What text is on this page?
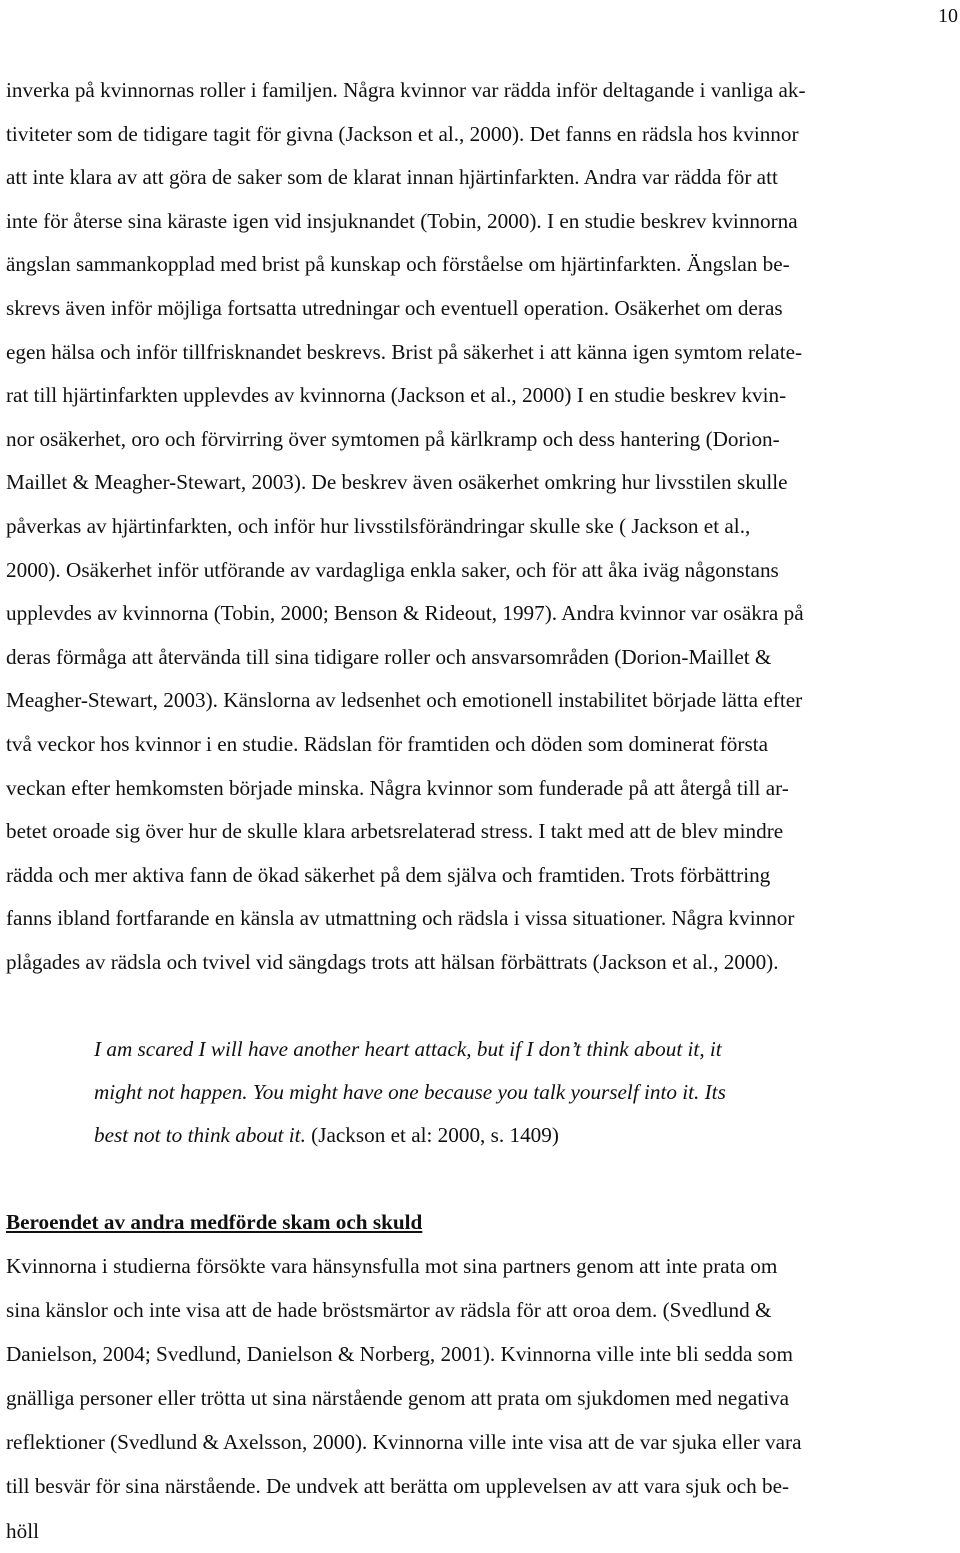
10
inverka på kvinnornas roller i familjen. Några kvinnor var rädda inför deltagande i vanliga ak-
tiviteter som de tidigare tagit för givna (Jackson et al., 2000). Det fanns en rädsla hos kvinnor
att inte klara av att göra de saker som de klarat innan hjärtinfarkten. Andra var rädda för att
inte för återse sina käraste igen vid insjuknandet (Tobin, 2000). I en studie beskrev kvinnorna
ängslan sammankopplad med brist på kunskap och förståelse om hjärtinfarkten. Ängslan be-
skrevs även inför möjliga fortsatta utredningar och eventuell operation. Osäkerhet om deras
egen hälsa och inför tillfrisknandet beskrevs. Brist på säkerhet i att känna igen symtom relate-
rat till hjärtinfarkten upplevdes av kvinnorna (Jackson et al., 2000) I en studie beskrev kvin-
nor osäkerhet, oro och förvirring över symtomen på kärlkramp och dess hantering (Dorion-
Maillet & Meagher-Stewart, 2003). De beskrev även osäkerhet omkring hur livsstilen skulle
påverkas av hjärtinfarkten, och inför hur livsstilsförändringar skulle ske ( Jackson et al.,
2000). Osäkerhet inför utförande av vardagliga enkla saker, och för att åka iväg någonstans
upplevdes av kvinnorna (Tobin, 2000; Benson & Rideout, 1997). Andra kvinnor var osäkra på
deras förmåga att återvända till sina tidigare roller och ansvarsområden (Dorion-Maillet &
Meagher-Stewart, 2003). Känslorna av ledsenhet och emotionell instabilitet började lätta efter
två veckor hos kvinnor i en studie. Rädslan för framtiden och döden som dominerat första
veckan efter hemkomsten började minska. Några kvinnor som funderade på att återgå till ar-
betet oroade sig över hur de skulle klara arbetsrelaterad stress. I takt med att de blev mindre
rädda och mer aktiva fann de ökad säkerhet på dem själva och framtiden. Trots förbättring
fanns ibland fortfarande en känsla av utmattning och rädsla i vissa situationer. Några kvinnor
plågades av rädsla och tvivel vid sängdags trots att hälsan förbättrats (Jackson et al., 2000).
I am scared I will have another heart attack, but if I don’t think about it, it
might not happen. You might have one because you talk yourself into it. Its
best not to think about it. (Jackson et al: 2000, s. 1409)
Beroendet av andra medförde skam och skuld
Kvinnorna i studierna försökte vara hänsynsfulla mot sina partners genom att inte prata om
sina känslor och inte visa att de hade bröstsmärtor av rädsla för att oroa dem. (Svedlund &
Danielson, 2004; Svedlund, Danielson & Norberg, 2001). Kvinnorna ville inte bli sedda som
gnälliga personer eller trötta ut sina närstående genom att prata om sjukdomen med negativa
reflektioner (Svedlund & Axelsson, 2000). Kvinnorna ville inte visa att de var sjuka eller vara
till besvär för sina närstående. De undvek att berätta om upplevelsen av att vara sjuk och be-
höll
